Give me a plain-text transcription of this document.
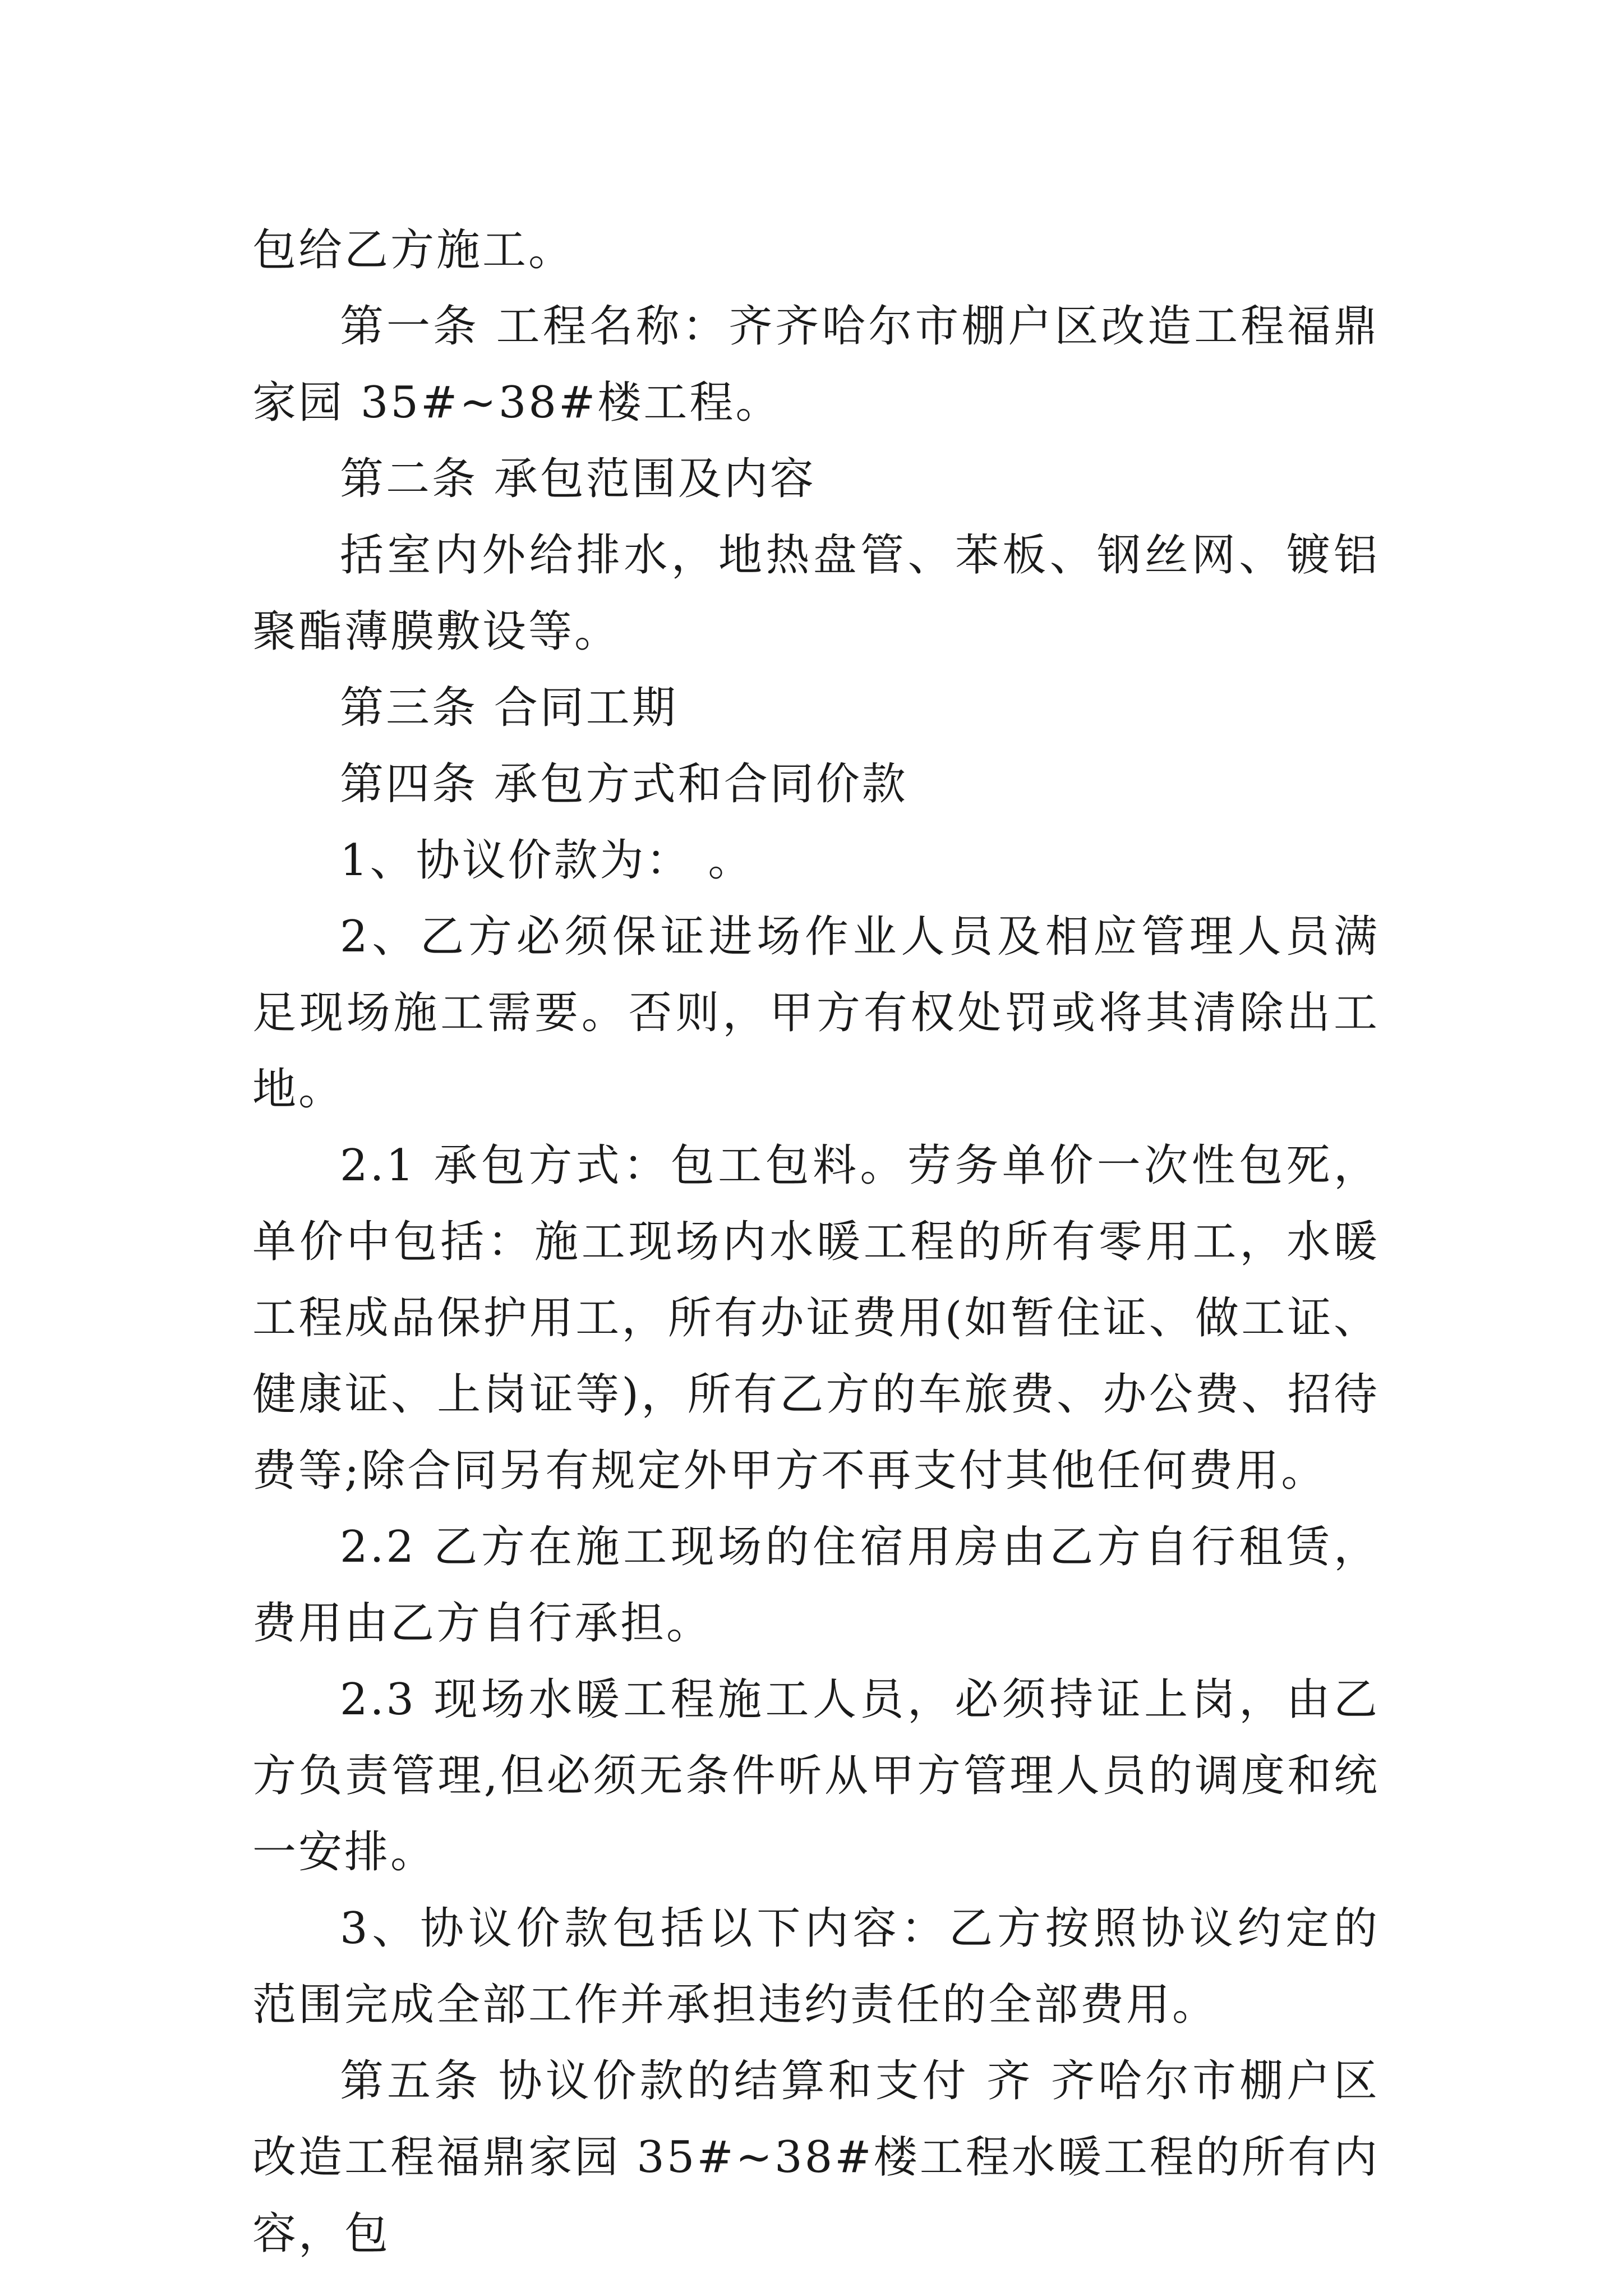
包给乙方施工。

第一条 工程名称：齐齐哈尔市棚户区改造工程福鼎家园 35#~38#楼工程。

第二条 承包范围及内容

括室内外给排水，地热盘管、苯板、钢丝网、镀铝聚酯薄膜敷设等。

第三条 合同工期

第四条 承包方式和合同价款

1、协议价款为： 。

2、乙方必须保证进场作业人员及相应管理人员满足现场施工需要。否则，甲方有权处罚或将其清除出工地。

2.1 承包方式：包工包料。劳务单价一次性包死，单价中包括：施工现场内水暖工程的所有零用工，水暖工程成品保护用工，所有办证费用(如暂住证、做工证、健康证、上岗证等)，所有乙方的车旅费、办公费、招待费等;除合同另有规定外甲方不再支付其他任何费用。

2.2 乙方在施工现场的住宿用房由乙方自行租赁，费用由乙方自行承担。

2.3 现场水暖工程施工人员，必须持证上岗，由乙方负责管理,但必须无条件听从甲方管理人员的调度和统一安排。

3、协议价款包括以下内容：乙方按照协议约定的范围完成全部工作并承担违约责任的全部费用。

第五条 协议价款的结算和支付 齐 齐哈尔市棚户区改造工程福鼎家园 35#~38#楼工程水暖工程的所有内容，包
